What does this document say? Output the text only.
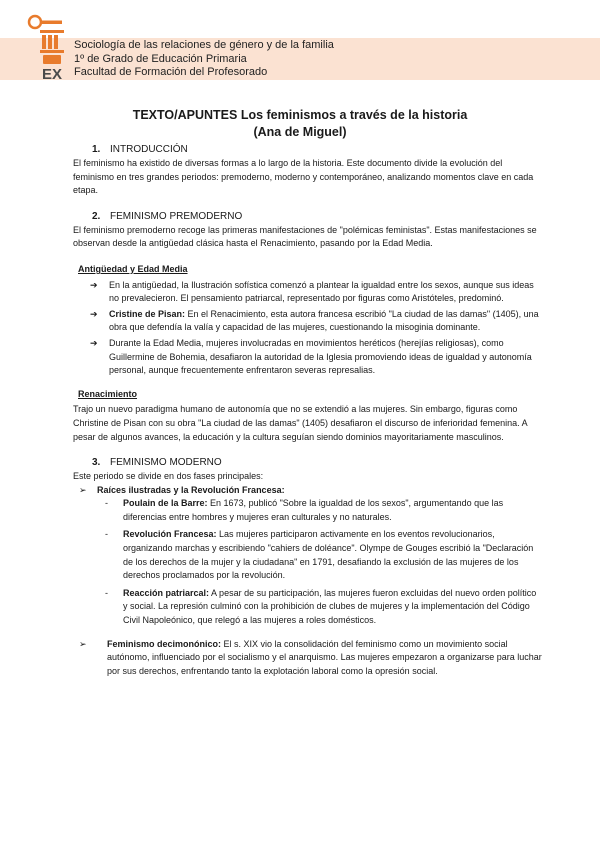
EX
Sociología de las relaciones de género y de la familia
1º de Grado de Educación Primaria
Facultad de Formación del Profesorado
TEXTO/APUNTES Los feminismos a través de la historia
(Ana de Miguel)
1. INTRODUCCIÓN

El feminismo ha existido de diversas formas a lo largo de la historia. Este documento divide la evolución del feminismo en tres grandes periodos: premoderno, moderno y contemporáneo, analizando momentos clave en cada etapa.

2. FEMINISMO PREMODERNO

El feminismo premoderno recoge las primeras manifestaciones de "polémicas feministas". Estas manifestaciones se observan desde la antigüedad clásica hasta el Renacimiento, pasando por la Edad Media.

Antigüedad y Edad Media

➔ En la antigüedad, la Ilustración sofística comenzó a plantear la igualdad entre los sexos, aunque sus ideas no prevalecieron. El pensamiento patriarcal, representado por figuras como Aristóteles, predominó.
➔ Cristine de Pisan: En el Renacimiento, esta autora francesa escribió "La ciudad de las damas" (1405), una obra que defendía la valía y capacidad de las mujeres, cuestionando la misoginia dominante.
➔ Durante la Edad Media, mujeres involucradas en movimientos heréticos (herejías religiosas), como Guillermine de Bohemia, desafiaron la autoridad de la Iglesia promoviendo ideas de igualdad y autonomía personal, aunque frecuentemente enfrentaron severas represalias.

Renacimiento

Trajo un nuevo paradigma humano de autonomía que no se extendió a las mujeres. Sin embargo, figuras como Christine de Pisan con su obra "La ciudad de las damas" (1405) desafiaron el discurso de inferioridad femenina. A pesar de algunos avances, la educación y la cultura seguían siendo dominios mayoritariamente masculinos.

3. FEMINISMO MODERNO

Este periodo se divide en dos fases principales:

➢ Raíces ilustradas y la Revolución Francesa:
- Poulain de la Barre: En 1673, publicó "Sobre la igualdad de los sexos", argumentando que las diferencias entre hombres y mujeres eran culturales y no naturales.
- Revolución Francesa: Las mujeres participaron activamente en los eventos revolucionarios, organizando marchas y escribiendo "cahiers de doléance". Olympe de Gouges escribió la "Declaración de los derechos de la mujer y la ciudadana" en 1791, desafiando la exclusión de las mujeres de los derechos proclamados por la revolución.
- Reacción patriarcal: A pesar de su participación, las mujeres fueron excluidas del nuevo orden político y social. La represión culminó con la prohibición de clubes de mujeres y la implementación del Código Civil Napoleónico, que relegó a las mujeres a roles domésticos.
➢	Feminismo decimonónico: El s. XIX vio la consolidación del feminismo como un movimiento social autónomo, influenciado por el socialismo y el anarquismo. Las mujeres empezaron a organizarse para luchar por sus derechos, enfrentando tanto la explotación laboral como la opresión social.
